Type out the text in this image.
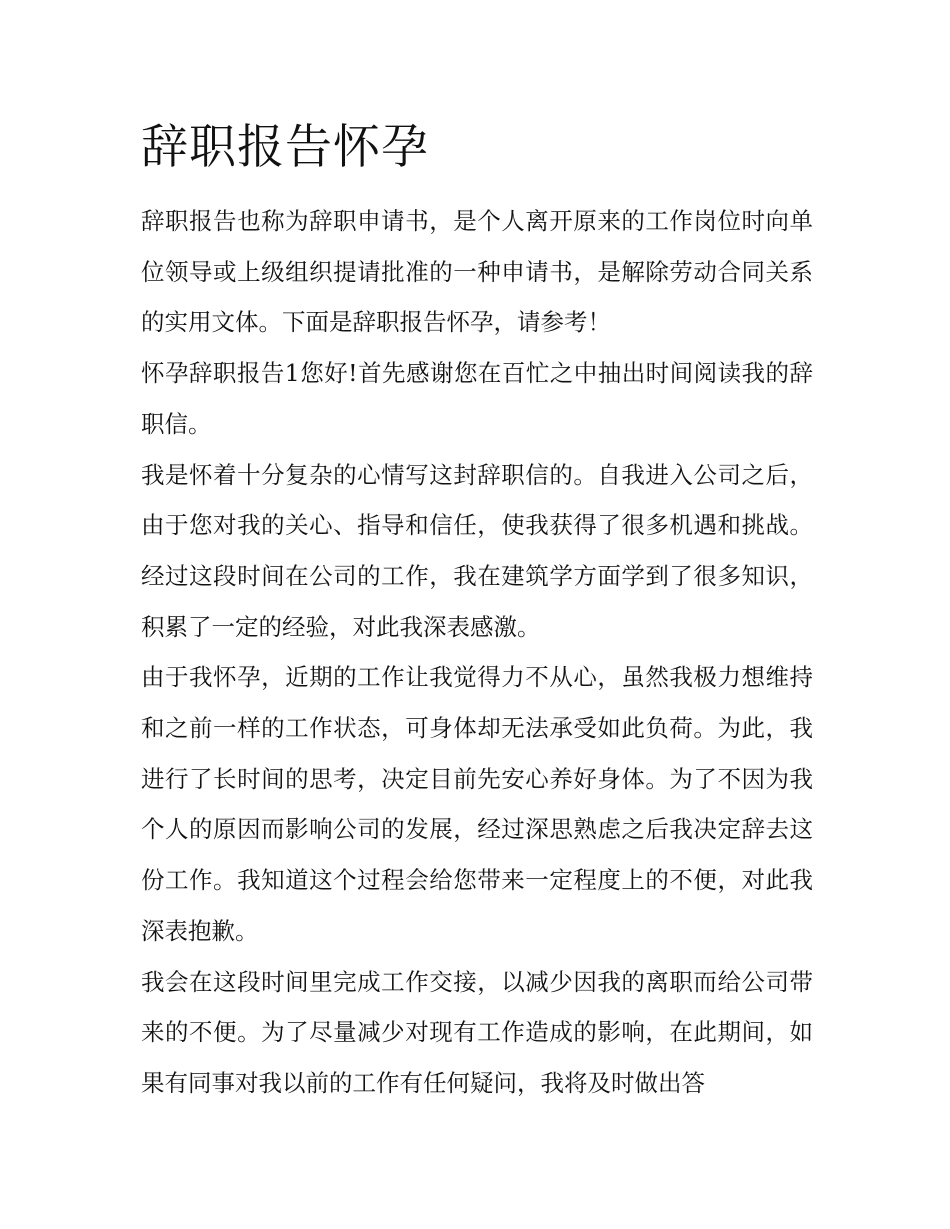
辞职报告怀孕

辞职报告也称为辞职申请书，是个人离开原来的工作岗位时向单位领导或上级组织提请批准的一种申请书，是解除劳动合同关系的实用文体。下面是辞职报告怀孕，请参考！

怀孕辞职报告1您好!首先感谢您在百忙之中抽出时间阅读我的辞职信。

我是怀着十分复杂的心情写这封辞职信的。自我进入公司之后，由于您对我的关心、指导和信任，使我获得了很多机遇和挑战。经过这段时间在公司的工作，我在建筑学方面学到了很多知识，积累了一定的经验，对此我深表感激。

由于我怀孕，近期的工作让我觉得力不从心，虽然我极力想维持和之前一样的工作状态，可身体却无法承受如此负荷。为此，我进行了长时间的思考，决定目前先安心养好身体。为了不因为我个人的原因而影响公司的发展，经过深思熟虑之后我决定辞去这份工作。我知道这个过程会给您带来一定程度上的不便，对此我深表抱歉。

我会在这段时间里完成工作交接，以减少因我的离职而给公司带来的不便。为了尽量减少对现有工作造成的影响，在此期间，如果有同事对我以前的工作有任何疑问，我将及时做出答
